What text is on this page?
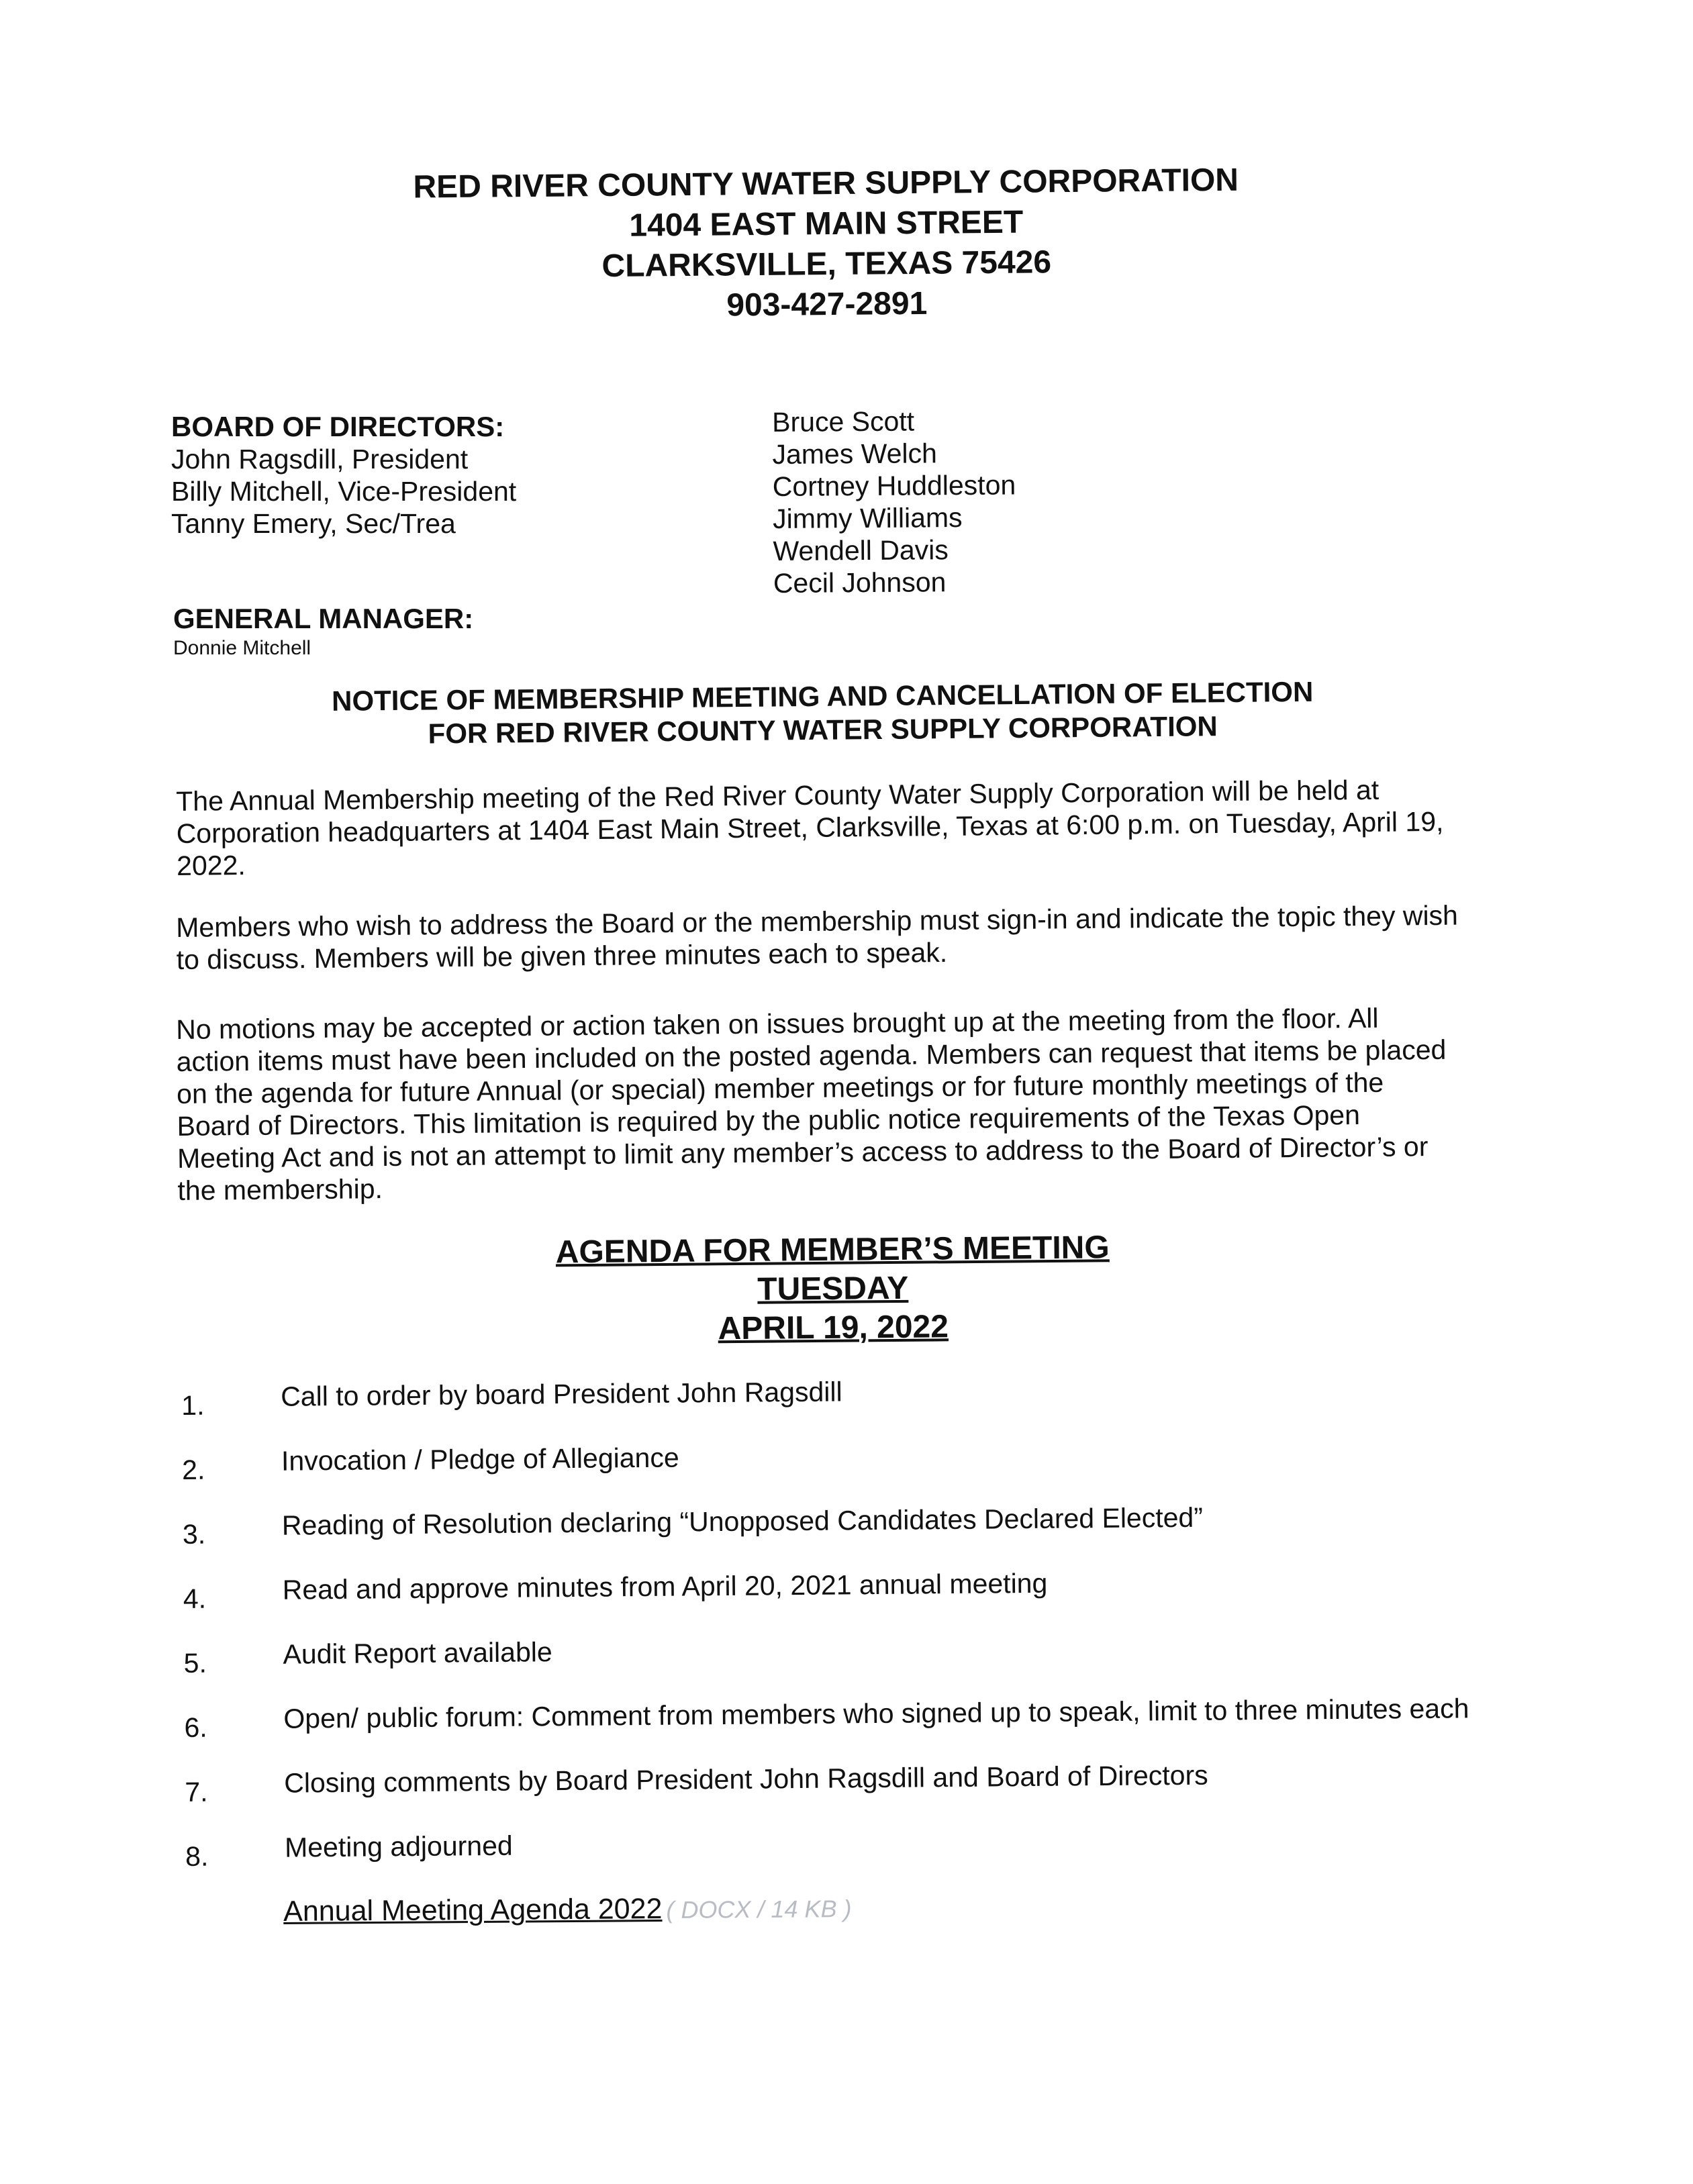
RED RIVER COUNTY WATER SUPPLY CORPORATION
1404 EAST MAIN STREET
CLARKSVILLE, TEXAS 75426
903-427-2891
BOARD OF DIRECTORS:
John Ragsdill, President
Billy Mitchell, Vice-President
Tanny Emery, Sec/Trea
Bruce Scott
James Welch
Cortney Huddleston
Jimmy Williams
Wendell Davis
Cecil Johnson
GENERAL MANAGER:
Donnie Mitchell
NOTICE OF MEMBERSHIP MEETING AND CANCELLATION OF ELECTION
FOR RED RIVER COUNTY WATER SUPPLY CORPORATION
The Annual Membership meeting of the Red River County Water Supply Corporation will be held at
Corporation headquarters at 1404 East Main Street, Clarksville, Texas at 6:00 p.m. on Tuesday, April 19,
2022.
Members who wish to address the Board or the membership must sign-in and indicate the topic they wish
to discuss. Members will be given three minutes each to speak.
No motions may be accepted or action taken on issues brought up at the meeting from the floor. All
action items must have been included on the posted agenda. Members can request that items be placed
on the agenda for future Annual (or special) member meetings or for future monthly meetings of the
Board of Directors. This limitation is required by the public notice requirements of the Texas Open
Meeting Act and is not an attempt to limit any member’s access to address to the Board of Director’s or
the membership.
AGENDA FOR MEMBER’S MEETING
TUESDAY
APRIL 19, 2022
1.	Call to order by board President John Ragsdill
2.	Invocation / Pledge of Allegiance
3.	Reading of Resolution declaring “Unopposed Candidates Declared Elected”
4.	Read and approve minutes from April 20, 2021 annual meeting
5.	Audit Report available
6.	Open/ public forum: Comment from members who signed up to speak, limit to three minutes each
7.	Closing comments by Board President John Ragsdill and Board of Directors
8.	Meeting adjourned
Annual Meeting Agenda 2022 ( DOCX / 14 KB )
